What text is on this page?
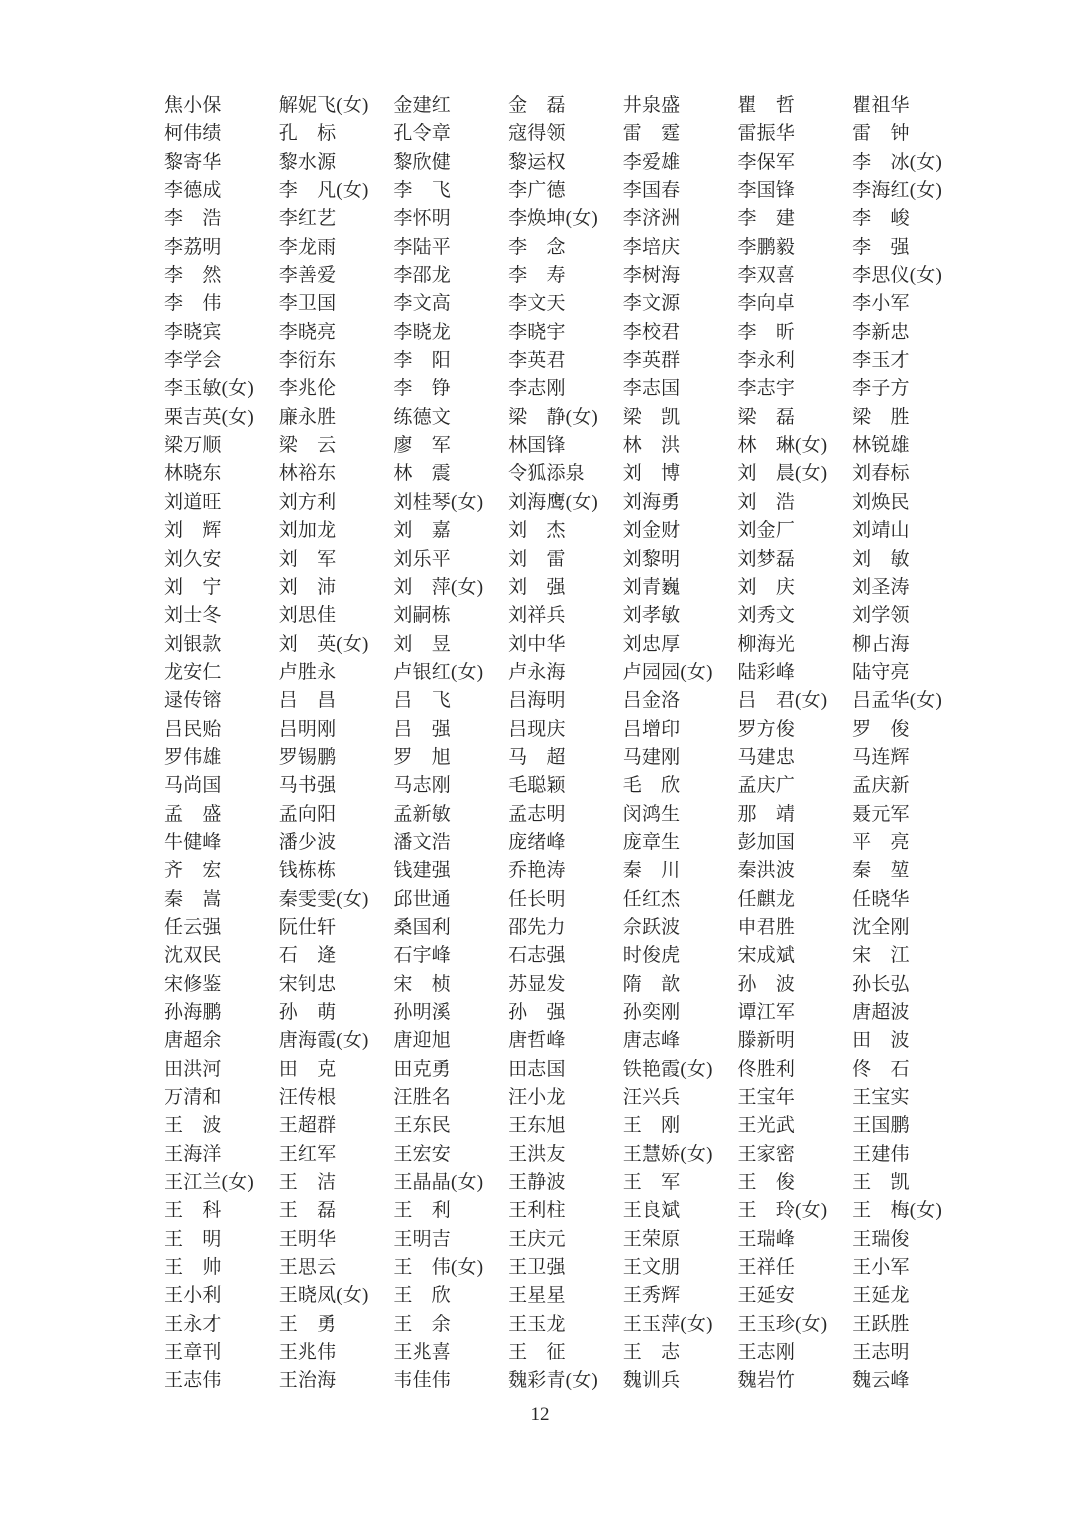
焦小保	解妮飞(女)	金建红	金　磊	井泉盛	瞿　哲	瞿祖华
柯伟绩	孔　标	孔令章	寇得领	雷　霆	雷振华	雷　钟
黎寄华	黎水源	黎欣健	黎运权	李爱雄	李保军	李　冰(女)
李德成	李　凡(女)	李　飞	李广德	李国春	李国锋	李海红(女)
李　浩	李红艺	李怀明	李焕坤(女)	李济洲	李　建	李　峻
李荔明	李龙雨	李陆平	李　念	李培庆	李鹏毅	李　强
李　然	李善爱	李邵龙	李　寿	李树海	李双喜	李思仪(女)
李　伟	李卫国	李文高	李文天	李文源	李向卓	李小军
李晓宾	李晓亮	李晓龙	李晓宇	李校君	李　昕	李新忠
李学会	李衍东	李　阳	李英君	李英群	李永利	李玉才
李玉敏(女)	李兆伦	李　铮	李志刚	李志国	李志宇	李子方
栗吉英(女)	廉永胜	练德文	梁　静(女)	梁　凯	梁　磊	梁　胜
梁万顺	梁　云	廖　军	林国锋	林　洪	林　琳(女)	林锐雄
林晓东	林裕东	林　震	令狐添泉	刘　博	刘　晨(女)	刘春标
刘道旺	刘方利	刘桂琴(女)	刘海鹰(女)	刘海勇	刘　浩	刘焕民
刘　辉	刘加龙	刘　嘉	刘　杰	刘金财	刘金厂	刘靖山
刘久安	刘　军	刘乐平	刘　雷	刘黎明	刘梦磊	刘　敏
刘　宁	刘　沛	刘　萍(女)	刘　强	刘青巍	刘　庆	刘圣涛
刘士冬	刘思佳	刘嗣栋	刘祥兵	刘孝敏	刘秀文	刘学领
刘银款	刘　英(女)	刘　昱	刘中华	刘忠厚	柳海光	柳占海
龙安仁	卢胜永	卢银红(女)	卢永海	卢园园(女)	陆彩峰	陆守亮
逯传镕	吕　昌	吕　飞	吕海明	吕金洛	吕　君(女)	吕孟华(女)
吕民贻	吕明刚	吕　强	吕现庆	吕增印	罗方俊	罗　俊
罗伟雄	罗锡鹏	罗　旭	马　超	马建刚	马建忠	马连辉
马尚国	马书强	马志刚	毛聪颖	毛　欣	孟庆广	孟庆新
孟　盛	孟向阳	孟新敏	孟志明	闵鸿生	那　靖	聂元军
牛健峰	潘少波	潘文浩	庞绪峰	庞章生	彭加国	平　亮
齐　宏	钱栋栋	钱建强	乔艳涛	秦　川	秦洪波	秦　堃
秦　嵩	秦雯雯(女)	邱世通	任长明	任红杰	任麒龙	任晓华
任云强	阮仕轩	桑国利	邵先力	佘跃波	申君胜	沈全刚
沈双民	石　逄	石宇峰	石志强	时俊虎	宋成斌	宋　江
宋修鉴	宋钊忠	宋　桢	苏显发	隋　歆	孙　波	孙长弘
孙海鹏	孙　萌	孙明溪	孙　强	孙奕刚	谭江军	唐超波
唐超余	唐海霞(女)	唐迎旭	唐哲峰	唐志峰	滕新明	田　波
田洪河	田　克	田克勇	田志国	铁艳霞(女)	佟胜利	佟　石
万清和	汪传根	汪胜名	汪小龙	汪兴兵	王宝年	王宝实
王　波	王超群	王东民	王东旭	王　刚	王光武	王国鹏
王海洋	王红军	王宏安	王洪友	王慧娇(女)	王家密	王建伟
王江兰(女)	王　洁	王晶晶(女)	王静波	王　军	王　俊	王　凯
王　科	王　磊	王　利	王利柱	王良斌	王　玲(女)	王　梅(女)
王　明	王明华	王明吉	王庆元	王荣原	王瑞峰	王瑞俊
王　帅	王思云	王　伟(女)	王卫强	王文朋	王祥任	王小军
王小利	王晓凤(女)	王　欣	王星星	王秀辉	王延安	王延龙
王永才	王　勇	王　余	王玉龙	王玉萍(女)	王玉珍(女)	王跃胜
王章刊	王兆伟	王兆喜	王　征	王　志	王志刚	王志明
王志伟	王治海	韦佳伟	魏彩青(女)	魏训兵	魏岩竹	魏云峰
12
